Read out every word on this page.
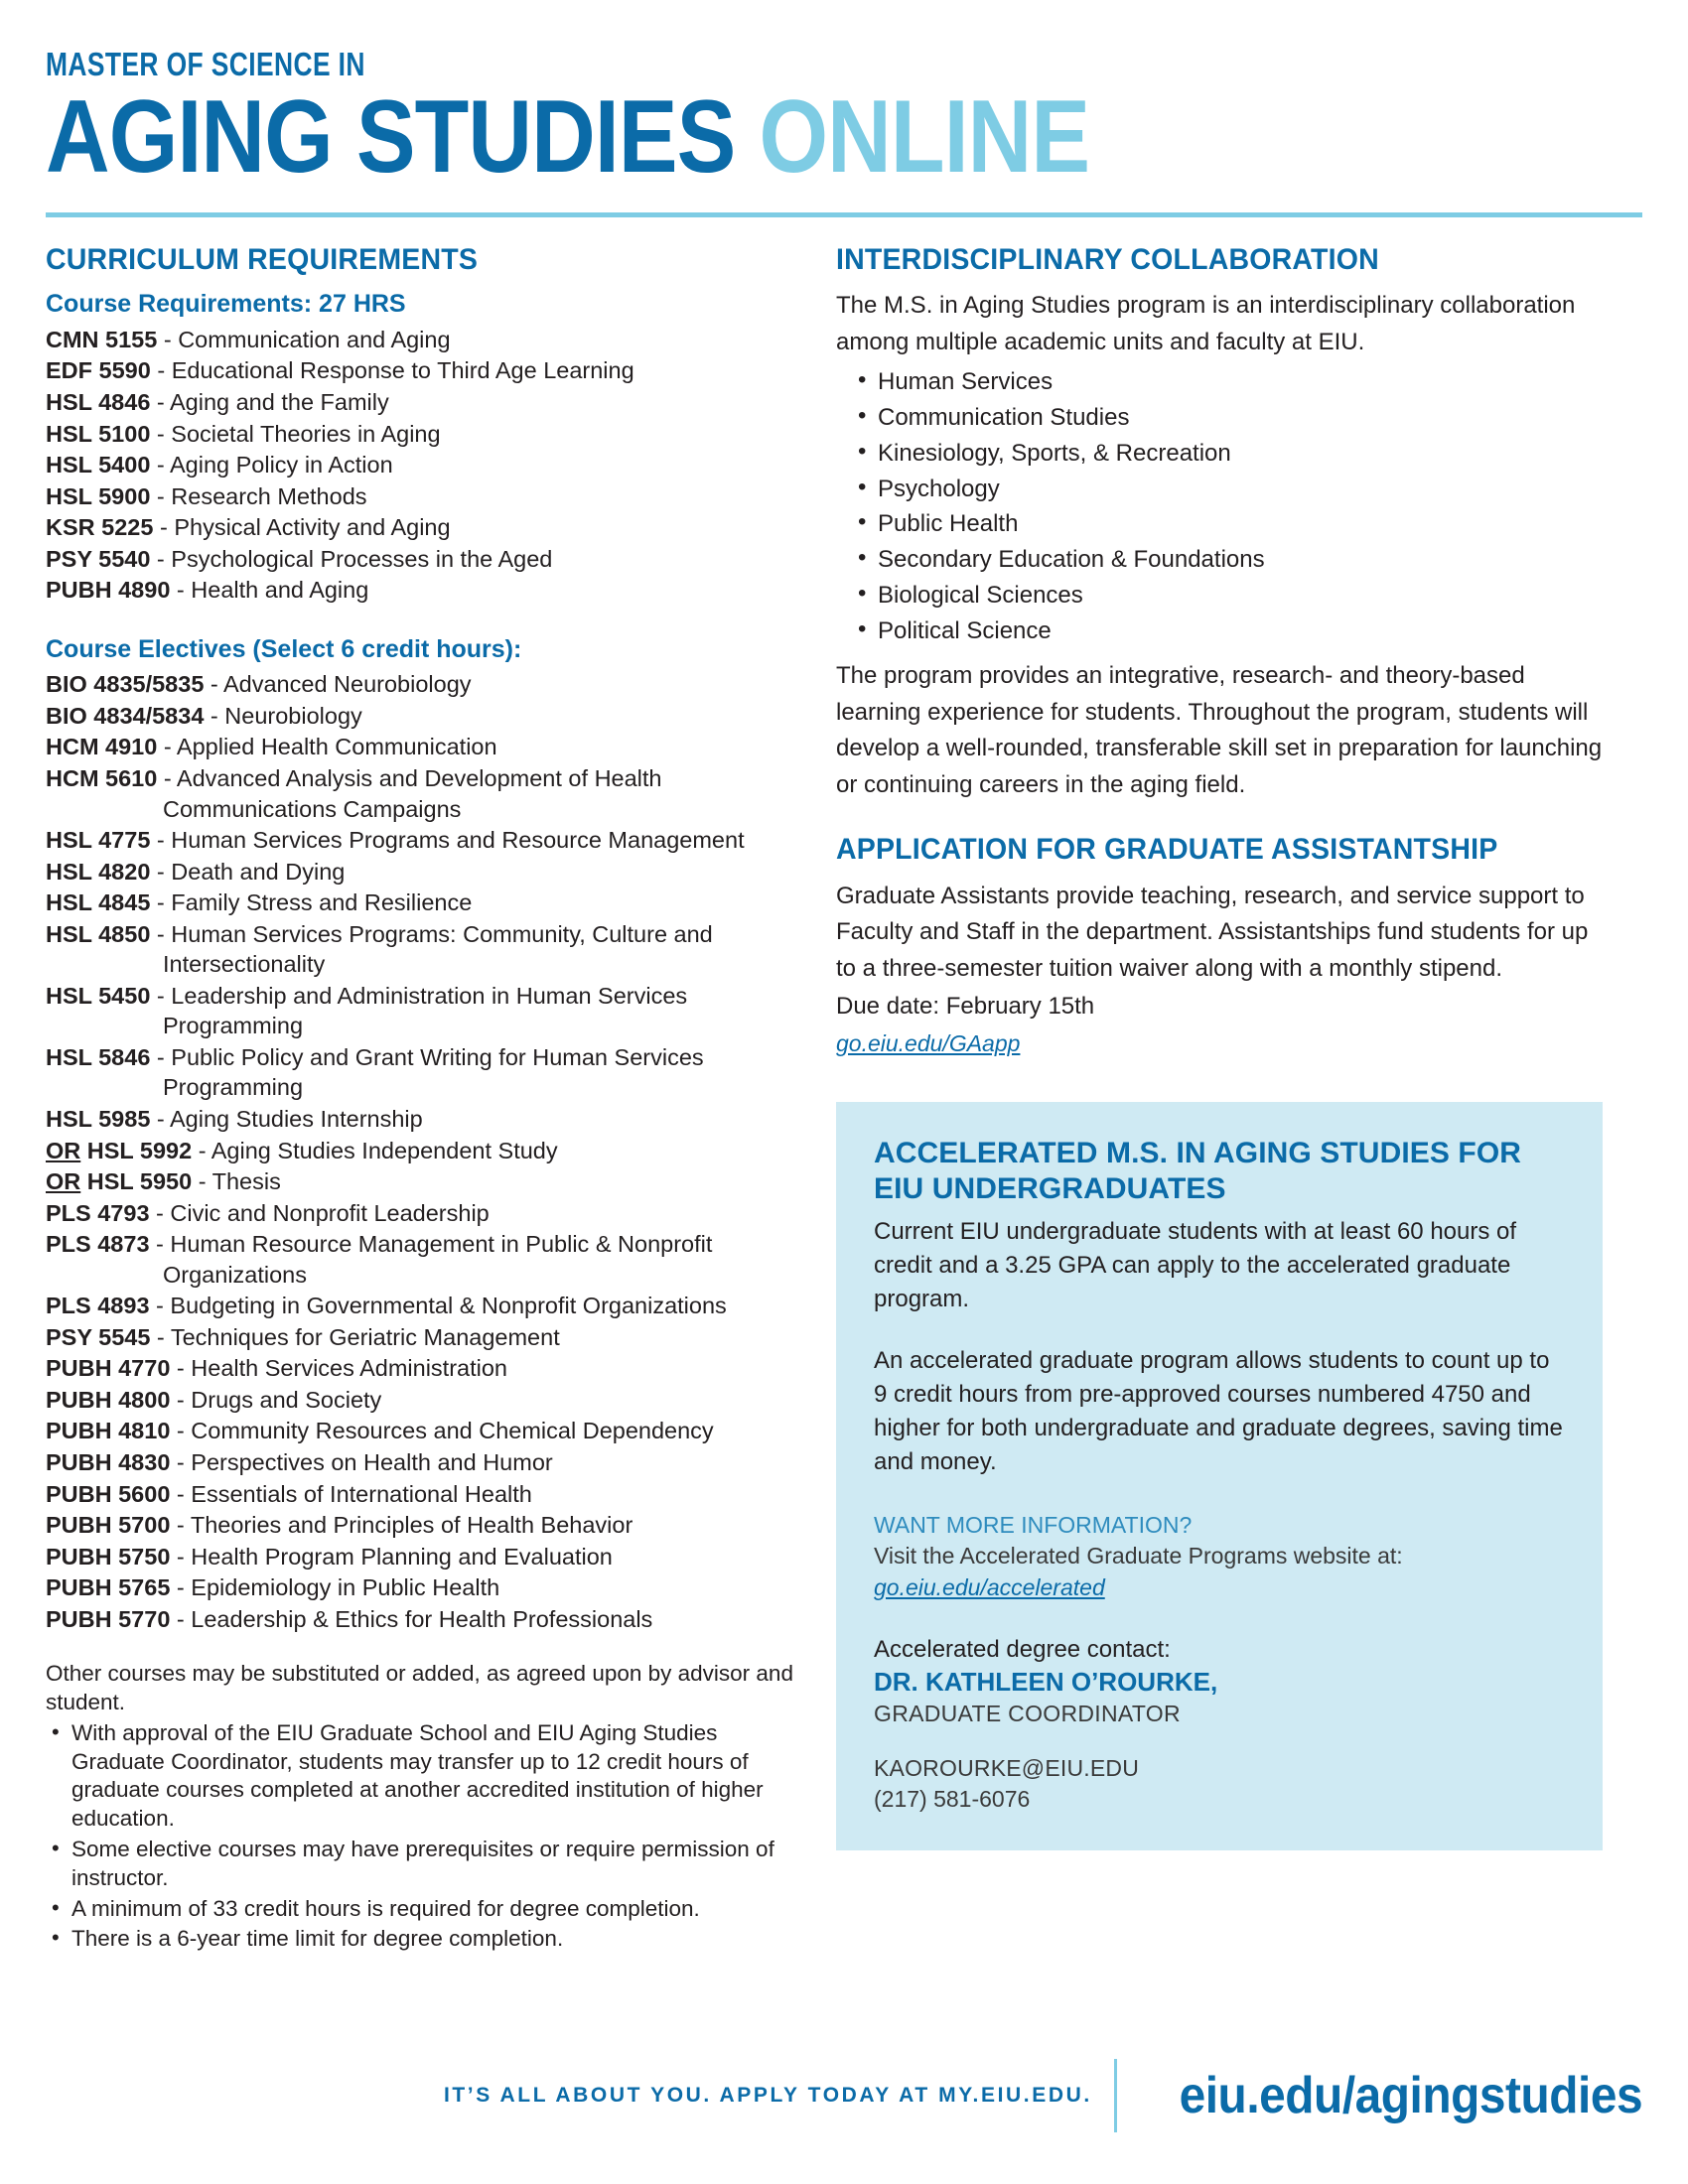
MASTER OF SCIENCE IN
AGING STUDIES ONLINE
CURRICULUM REQUIREMENTS
Course Requirements: 27 HRS

CMN 5155 - Communication and Aging

EDF 5590 - Educational Response to Third Age Learning

HSL 4846 - Aging and the Family

HSL 5100 - Societal Theories in Aging

HSL 5400 - Aging Policy in Action

HSL 5900 - Research Methods

KSR 5225 - Physical Activity and Aging

PSY 5540 - Psychological Processes in the Aged

PUBH 4890 - Health and Aging

Course Electives (Select 6 credit hours):

BIO 4835/5835 - Advanced Neurobiology

BIO 4834/5834 - Neurobiology

HCM 4910 - Applied Health Communication

HCM 5610 - Advanced Analysis and Development of Health Communications Campaigns

HSL 4775 - Human Services Programs and Resource Management

HSL 4820 - Death and Dying

HSL 4845 - Family Stress and Resilience

HSL 4850 - Human Services Programs: Community, Culture and Intersectionality

HSL 5450 - Leadership and Administration in Human Services Programming

HSL 5846 - Public Policy and Grant Writing for Human Services Programming

HSL 5985 - Aging Studies Internship

OR HSL 5992 - Aging Studies Independent Study

OR HSL 5950 - Thesis

PLS 4793 - Civic and Nonprofit Leadership

PLS 4873 - Human Resource Management in Public & Nonprofit Organizations

PLS 4893 - Budgeting in Governmental & Nonprofit Organizations

PSY 5545 - Techniques for Geriatric Management

PUBH 4770 - Health Services Administration

PUBH 4800 - Drugs and Society

PUBH 4810 - Community Resources and Chemical Dependency

PUBH 4830 - Perspectives on Health and Humor

PUBH 5600 - Essentials of International Health

PUBH 5700 - Theories and Principles of Health Behavior

PUBH 5750 - Health Program Planning and Evaluation

PUBH 5765 - Epidemiology in Public Health

PUBH 5770 - Leadership & Ethics for Health Professionals

Other courses may be substituted or added, as agreed upon by advisor and student.

• With approval of the EIU Graduate School and EIU Aging Studies Graduate Coordinator, students may transfer up to 12 credit hours of graduate courses completed at another accredited institution of higher education.
• Some elective courses may have prerequisites or require permission of instructor.
• A minimum of 33 credit hours is required for degree completion.
• There is a 6-year time limit for degree completion.
INTERDISCIPLINARY COLLABORATION

The M.S. in Aging Studies program is an interdisciplinary collaboration among multiple academic units and faculty at EIU.

• Human Services
• Communication Studies
• Kinesiology, Sports, & Recreation
• Psychology
• Public Health
• Secondary Education & Foundations
• Biological Sciences
• Political Science

The program provides an integrative, research- and theory-based learning experience for students. Throughout the program, students will develop a well-rounded, transferable skill set in preparation for launching or continuing careers in the aging field.

APPLICATION FOR GRADUATE ASSISTANTSHIP

Graduate Assistants provide teaching, research, and service support to Faculty and Staff in the department. Assistantships fund students for up to a three-semester tuition waiver along with a monthly stipend.

Due date: February 15th

go.eiu.edu/GAapp
ACCELERATED M.S. IN AGING STUDIES FOR EIU UNDERGRADUATES

Current EIU undergraduate students with at least 60 hours of credit and a 3.25 GPA can apply to the accelerated graduate program.

An accelerated graduate program allows students to count up to 9 credit hours from pre-approved courses numbered 4750 and higher for both undergraduate and graduate degrees, saving time and money.

WANT MORE INFORMATION?
Visit the Accelerated Graduate Programs website at:
go.eiu.edu/accelerated
Accelerated degree contact:
DR. KATHLEEN O’ROURKE,
GRADUATE COORDINATOR
KAOROURKE@EIU.EDU
(217) 581-6076
IT’S ALL ABOUT YOU. APPLY TODAY AT MY.EIU.EDU.	eiu.edu/agingstudies
